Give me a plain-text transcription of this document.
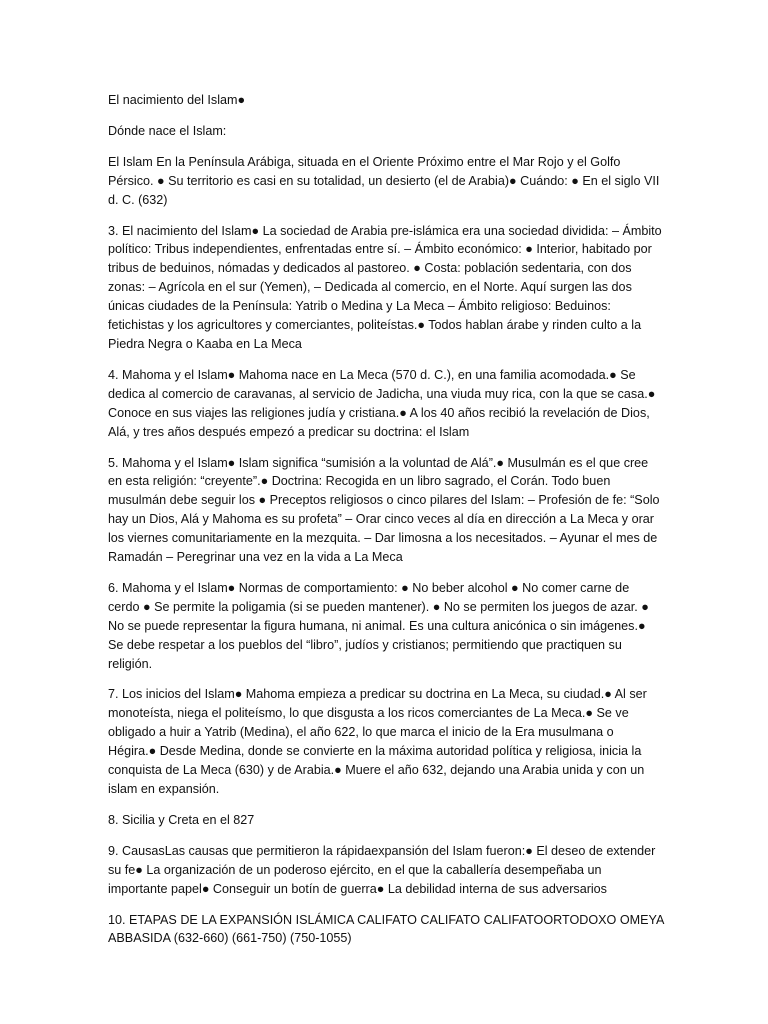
El nacimiento del Islam●

Dónde nace el Islam:

El Islam En la Península Arábiga, situada en el Oriente Próximo entre el Mar Rojo y el Golfo Pérsico. ● Su territorio es casi en su totalidad, un desierto (el de Arabia)● Cuándo: ● En el siglo VII d. C. (632)

3. El nacimiento del Islam● La sociedad de Arabia pre-islámica era una sociedad dividida: – Ámbito político: Tribus independientes, enfrentadas entre sí. – Ámbito económico: ● Interior, habitado por tribus de beduinos, nómadas y dedicados al pastoreo. ● Costa: población sedentaria, con dos zonas: – Agrícola en el sur (Yemen), – Dedicada al comercio, en el Norte. Aquí surgen las dos únicas ciudades de la Península: Yatrib o Medina y La Meca – Ámbito religioso: Beduinos: fetichistas y los agricultores y comerciantes, politeístas.● Todos hablan árabe y rinden culto a la Piedra Negra o Kaaba en La Meca

4. Mahoma y el Islam● Mahoma nace en La Meca (570 d. C.), en una familia acomodada.● Se dedica al comercio de caravanas, al servicio de Jadicha, una viuda muy rica, con la que se casa.● Conoce en sus viajes las religiones judía y cristiana.● A los 40 años recibió la revelación de Dios, Alá, y tres años después empezó a predicar su doctrina: el Islam

5. Mahoma y el Islam● Islam significa “sumisión a la voluntad de Alá”.● Musulmán es el que cree en esta religión: “creyente”.● Doctrina: Recogida en un libro sagrado, el Corán. Todo buen musulmán debe seguir los ● Preceptos religiosos o cinco pilares del Islam: – Profesión de fe: “Solo hay un Dios, Alá y Mahoma es su profeta” – Orar cinco veces al día en dirección a La Meca y orar los viernes comunitariamente en la mezquita. – Dar limosna a los necesitados. – Ayunar el mes de Ramadán – Peregrinar una vez en la vida a La Meca

6. Mahoma y el Islam● Normas de comportamiento: ● No beber alcohol ● No comer carne de cerdo ● Se permite la poligamia (si se pueden mantener). ● No se permiten los juegos de azar. ● No se puede representar la figura humana, ni animal. Es una cultura anicónica o sin imágenes.● Se debe respetar a los pueblos del “libro”, judíos y cristianos; permitiendo que practiquen su religión.

7. Los inicios del Islam● Mahoma empieza a predicar su doctrina en La Meca, su ciudad.● Al ser monoteísta, niega el politeísmo, lo que disgusta a los ricos comerciantes de La Meca.● Se ve obligado a huir a Yatrib (Medina), el año 622, lo que marca el inicio de la Era musulmana o Hégira.● Desde Medina, donde se convierte en la máxima autoridad política y religiosa, inicia la conquista de La Meca (630) y de Arabia.● Muere el año 632, dejando una Arabia unida y con un islam en expansión.

8. Sicilia y Creta en el 827

9. CausasLas causas que permitieron la rápidaexpansión del Islam fueron:● El deseo de extender su fe● La organización de un poderoso ejército, en el que la caballería desempeñaba un importante papel● Conseguir un botín de guerra● La debilidad interna de sus adversarios

10. ETAPAS DE LA EXPANSIÓN ISLÁMICA CALIFATO CALIFATO CALIFATOORTODOXO OMEYA ABBASIDA (632-660) (661-750) (750-1055)
